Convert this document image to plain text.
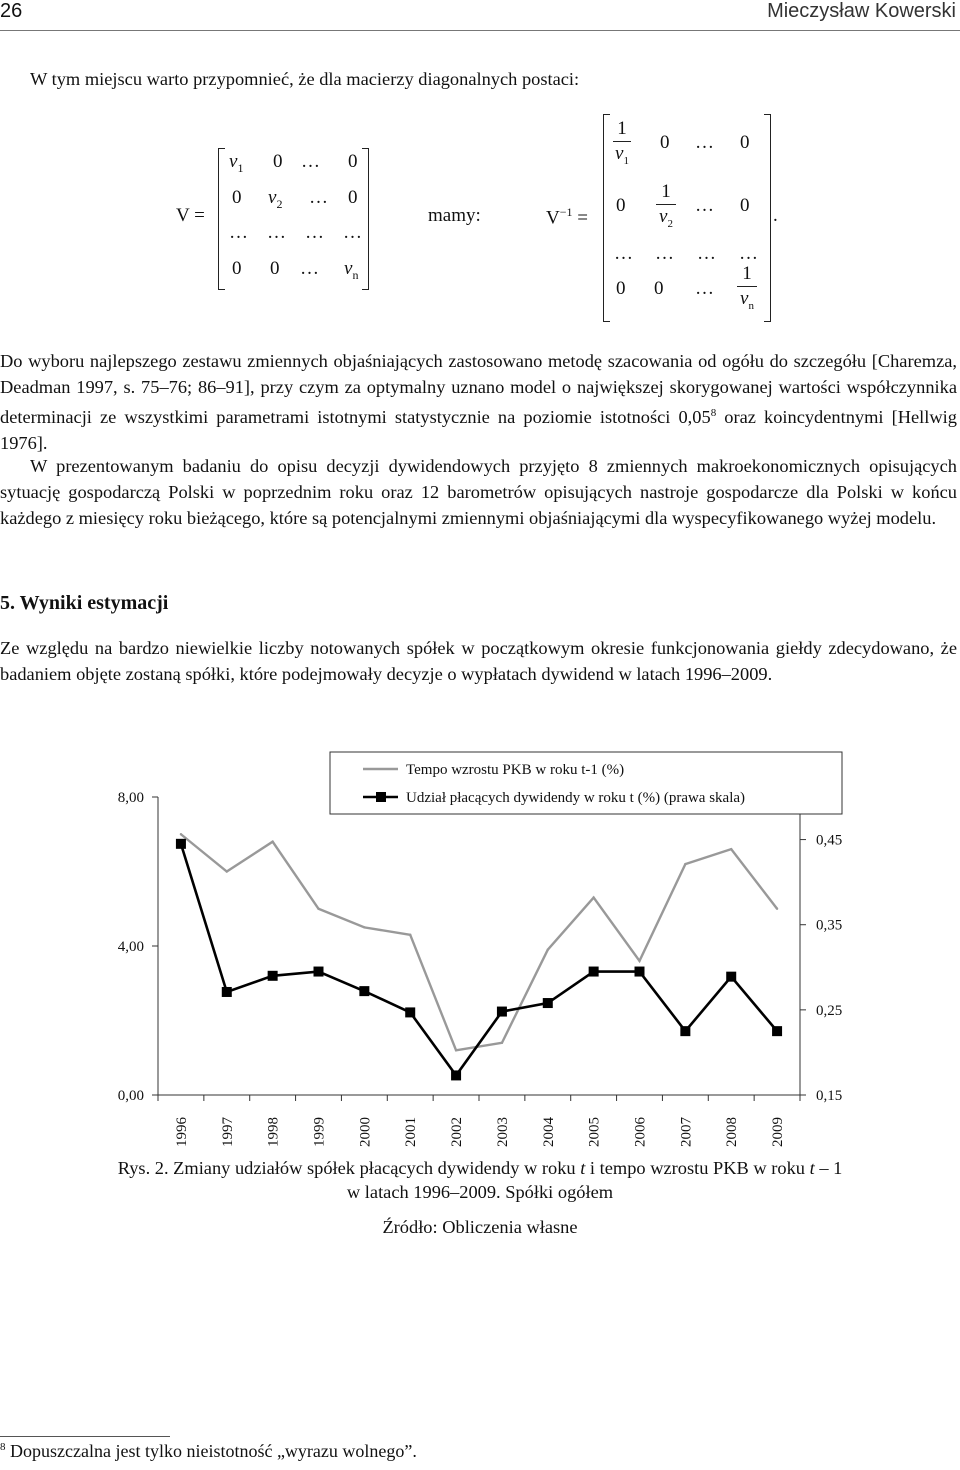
26	Mieczysław Kowerski
W tym miejscu warto przypomnieć, że dla macierzy diagonalnych postaci:
V =
$v_1$ 0 … 0
0 $v_2$ … 0
… … … …
0 0 … $v_n$
mamy:	$V^{-1}$ =
1
$v_1$
0 … 0
0
1
$v_2$
… 0
… … … …
0 0 …
1
$v_n$
.
Do wyboru najlepszego zestawu zmiennych objaśniających zastosowano metodę szacowania od ogółu do szczegółu [Charemza, Deadman 1997, s. 75–76; 86–91], przy czym za optymalny uznano model o największej skorygowanej wartości współczynnika determinacji ze wszystkimi parametrami istotnymi statystycznie na poziomie istotności 0,05$^8$ oraz koincydentnymi [Hellwig 1976].
W prezentowanym badaniu do opisu decyzji dywidendowych przyjęto 8 zmiennych makroekonomicznych opisujących sytuację gospodarczą Polski w poprzednim roku oraz 12 barometrów opisujących nastroje gospodarcze dla Polski w końcu każdego z miesięcy roku bieżącego, które są potencjalnymi zmiennymi objaśniającymi dla wyspecyfikowanego wyżej modelu.
5. Wyniki estymacji
Ze względu na bardzo niewielkie liczby notowanych spółek w początkowym okresie funkcjonowania giełdy zdecydowano, że badaniem objęte zostaną spółki, które podejmowały decyzje o wypłatach dywidend w latach 1996–2009.
0,00
4,00
8,00
0,15
0,25
0,35
0,45
1996 1997 1998 1999 2000 2001 2002 2003 2004 2005 2006 2007 2008 2009
Tempo wzrostu PKB w roku t-1 (%)
Udział płacących dywidendy w roku t (%) (prawa skala)
Rys. 2. Zmiany udziałów spółek płacących dywidendy w roku t i tempo wzrostu PKB w roku t – 1
w latach 1996–2009. Spółki ogółem
Źródło: Obliczenia własne
$^8$ Dopuszczalna jest tylko nieistotność „wyrazu wolnego”.
